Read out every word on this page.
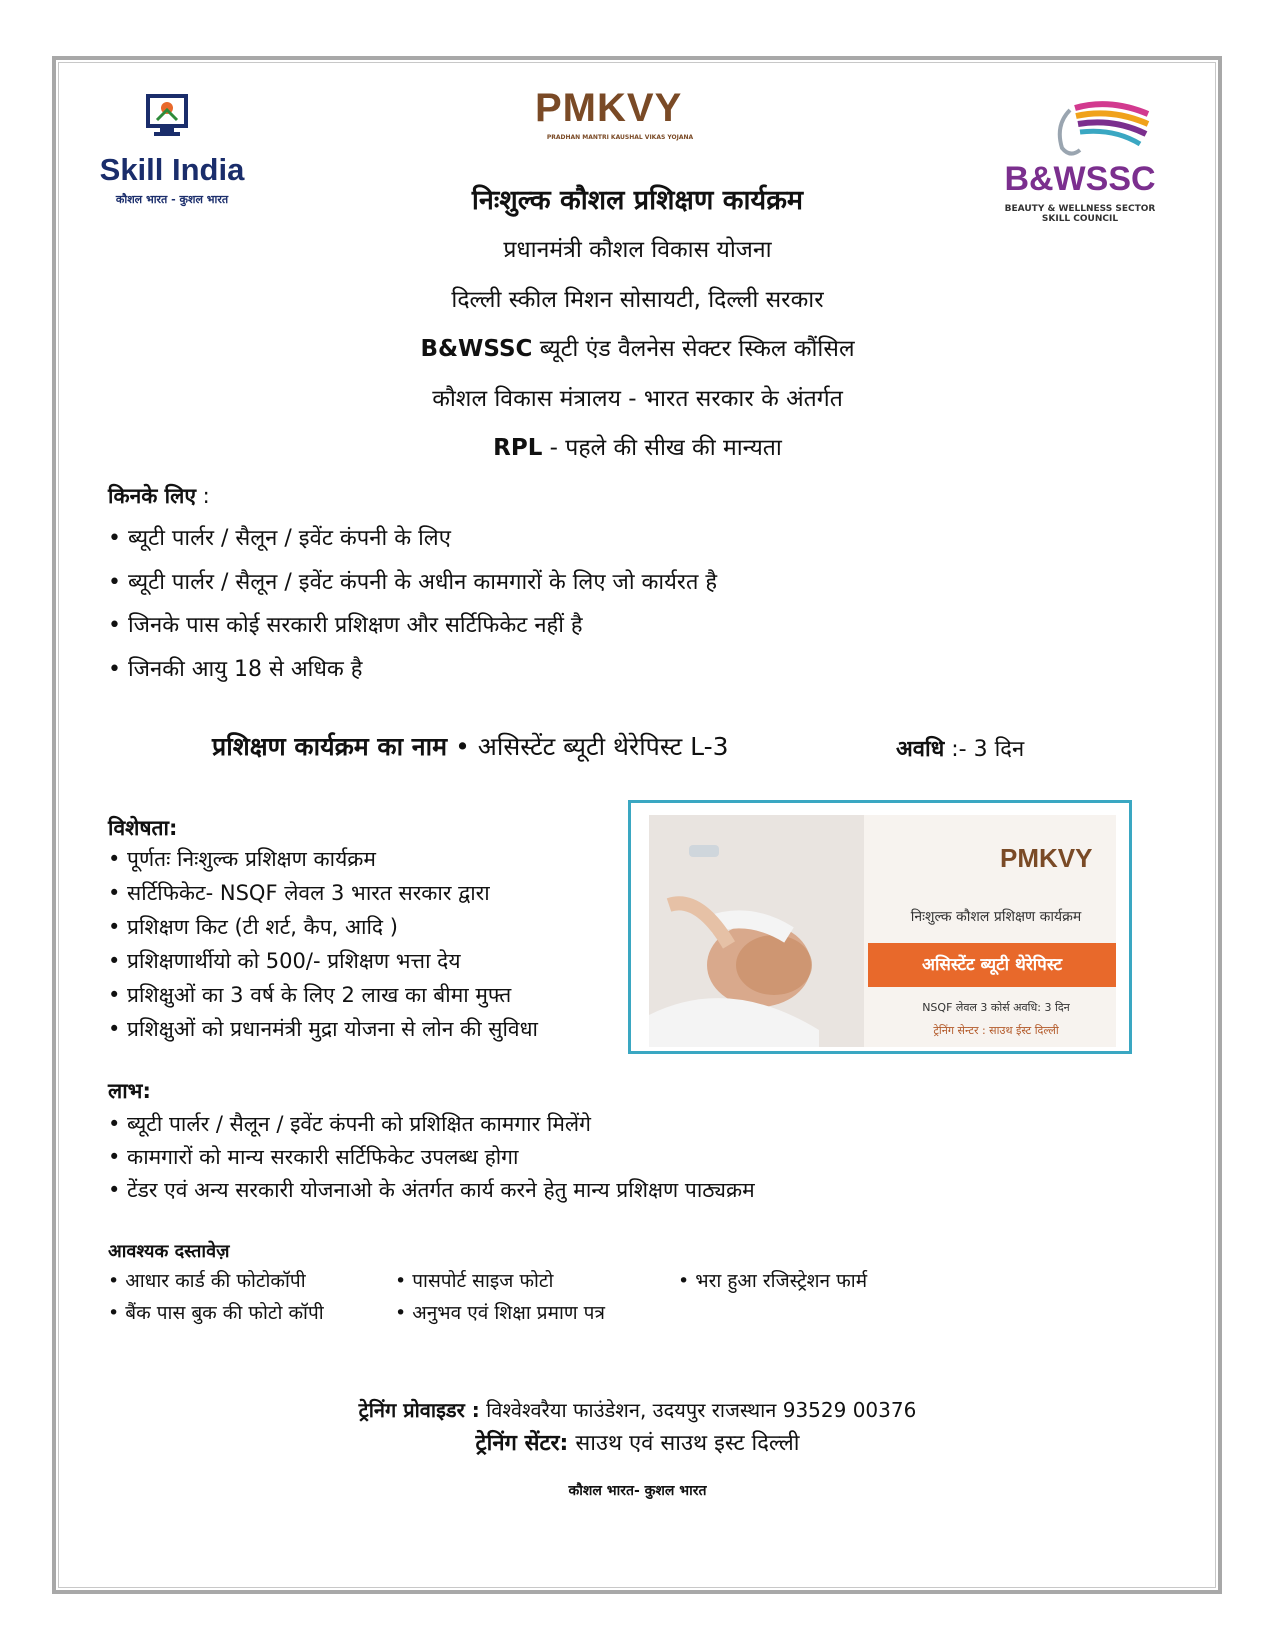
Skill India
कौशल भारत - कुशल भारत
PMKVY
PRADHAN MANTRI KAUSHAL VIKAS YOJANA
B&WSSC
BEAUTY & WELLNESS SECTOR SKILL COUNCIL
निःशुल्क कौशल प्रशिक्षण कार्यक्रम
प्रधानमंत्री कौशल विकास योजना
दिल्ली स्कील मिशन सोसायटी, दिल्ली सरकार
B&WSSC ब्यूटी एंड वैलनेस सेक्टर स्किल कौंसिल
कौशल विकास मंत्रालय - भारत सरकार के अंतर्गत
RPL - पहले की सीख की मान्यता
किनके लिए :
• ब्यूटी पार्लर / सैलून / इवेंट कंपनी के लिए
• ब्यूटी पार्लर / सैलून / इवेंट कंपनी के अधीन कामगारों के लिए जो कार्यरत है
• जिनके पास कोई सरकारी प्रशिक्षण और सर्टिफिकेट नहीं है
• जिनकी आयु 18 से अधिक है
प्रशिक्षण कार्यक्रम का नाम • असिस्टेंट ब्यूटी थेरेपिस्ट L-3	अवधि :- 3 दिन
विशेषता:
• पूर्णतः निःशुल्क प्रशिक्षण कार्यक्रम
• सर्टिफिकेट- NSQF लेवल 3 भारत सरकार द्वारा
• प्रशिक्षण किट (टी शर्ट, कैप, आदि )
• प्रशिक्षणार्थीयो को 500/- प्रशिक्षण भत्ता देय
• प्रशिक्षुओं का 3 वर्ष के लिए 2 लाख का बीमा मुफ्त
• प्रशिक्षुओं को प्रधानमंत्री मुद्रा योजना से लोन की सुविधा
PMKVY
निःशुल्क कौशल प्रशिक्षण कार्यक्रम
असिस्टेंट ब्यूटी थेरेपिस्ट
NSQF लेवल 3 कोर्स अवधि: 3 दिन
ट्रेनिंग सेन्टर : साउथ ईस्ट दिल्ली
लाभ:
• ब्यूटी पार्लर / सैलून / इवेंट कंपनी को प्रशिक्षित कामगार मिलेंगे
• कामगारों को मान्य सरकारी सर्टिफिकेट उपलब्ध होगा
• टेंडर एवं अन्य सरकारी योजनाओ के अंतर्गत कार्य करने हेतु मान्य प्रशिक्षण पाठ्यक्रम
आवश्यक दस्तावेज़
• आधार कार्ड की फोटोकॉपी	• पासपोर्ट साइज फोटो	• भरा हुआ रजिस्ट्रेशन फार्म
• बैंक पास बुक की फोटो कॉपी	• अनुभव एवं शिक्षा प्रमाण पत्र
ट्रेनिंग प्रोवाइडर : विश्वेश्वरैया फाउंडेशन, उदयपुर राजस्थान 93529 00376
ट्रेनिंग सेंटर: साउथ एवं साउथ इस्ट दिल्ली
कौशल भारत- कुशल भारत
